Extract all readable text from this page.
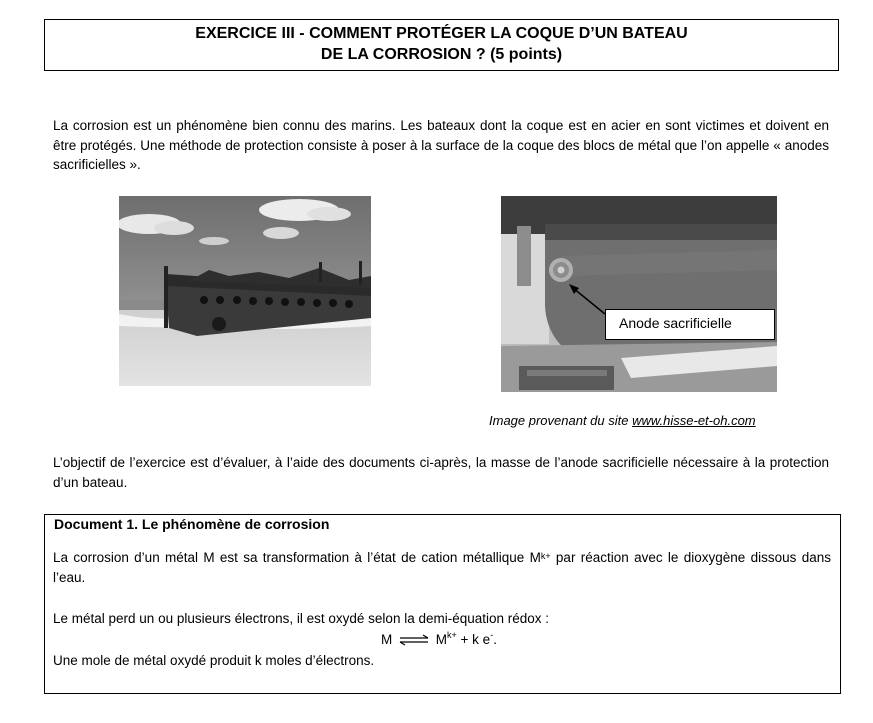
EXERCICE III - COMMENT PROTÉGER LA COQUE D’UN BATEAU
DE LA CORROSION ? (5 points)
La corrosion est un phénomène bien connu des marins. Les bateaux dont la coque est en acier en sont victimes et doivent en être protégés. Une méthode de protection consiste à poser à la surface de la coque des blocs de métal que l’on appelle « anodes sacrificielles ».
Anode sacrificielle
Image provenant du site www.hisse-et-oh.com
L’objectif de l’exercice est d’évaluer, à l’aide des documents ci-après, la masse de l’anode sacrificielle nécessaire à la protection d’un bateau.
Document 1. Le phénomène de corrosion
La corrosion d’un métal M est sa transformation à l’état de cation métallique $M^{k+}$ par réaction avec le dioxygène dissous dans l’eau.
Le métal perd un ou plusieurs électrons, il est oxydé selon la demi-équation rédox :
M ⇌ $M^{k+} + k$ e-.
Une mole de métal oxydé produit k moles d’électrons.
